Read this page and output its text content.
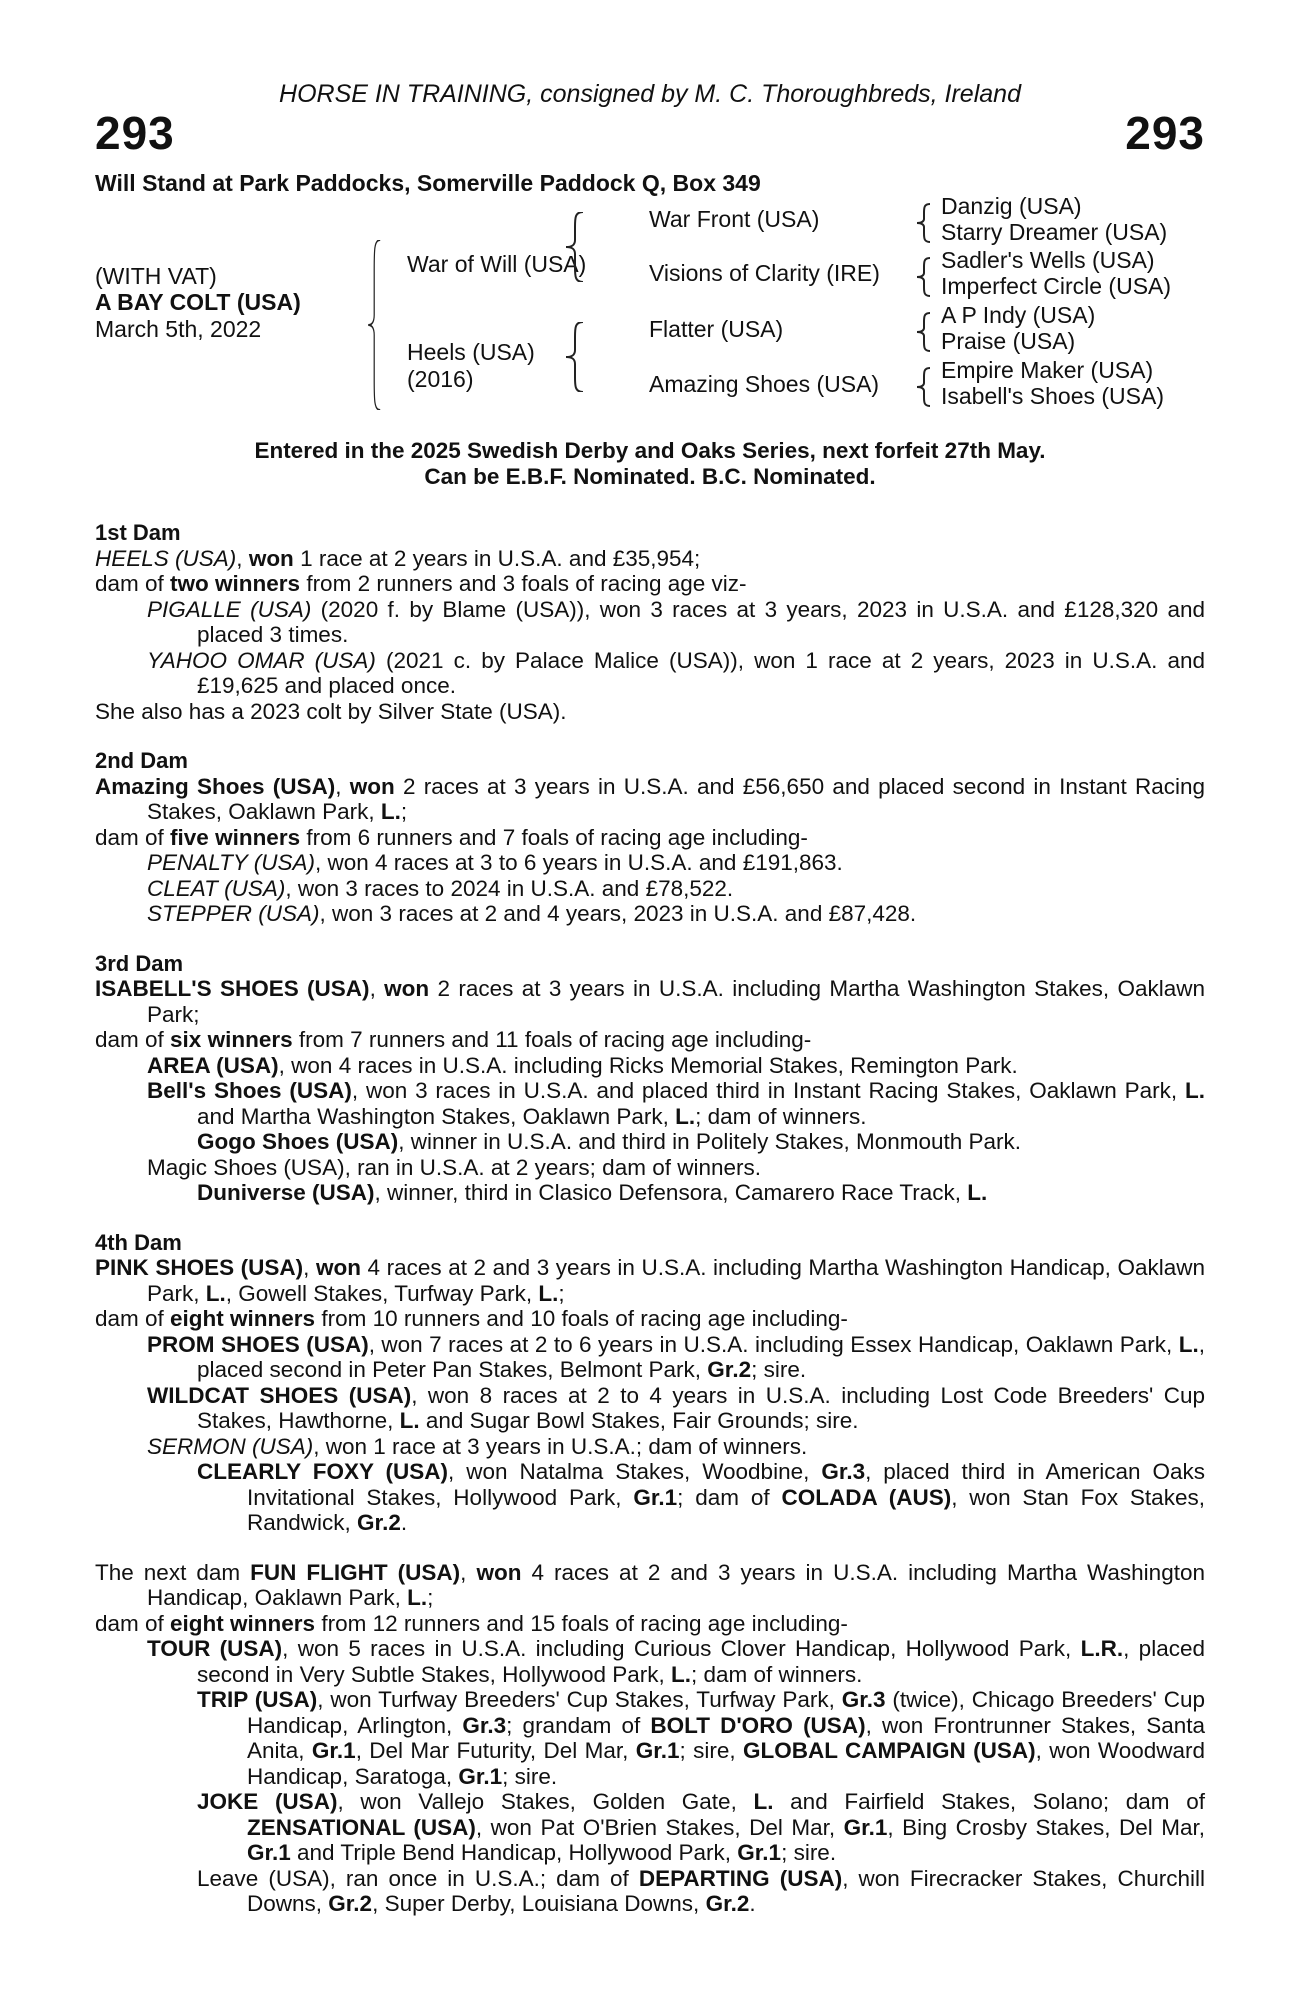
HORSE IN TRAINING, consigned by M. C. Thoroughbreds, Ireland
293	293
Will Stand at Park Paddocks, Somerville Paddock Q, Box 349
(WITH VAT)
A BAY COLT (USA)
March 5th, 2022
War of Will (USA)
Heels (USA)
(2016)
War Front (USA)
Visions of Clarity (IRE)
Flatter (USA)
Amazing Shoes (USA)
Danzig (USA)
Starry Dreamer (USA)
Sadler's Wells (USA)
Imperfect Circle (USA)
A P Indy (USA)
Praise (USA)
Empire Maker (USA)
Isabell's Shoes (USA)
Entered in the 2025 Swedish Derby and Oaks Series, next forfeit 27th May.
Can be E.B.F. Nominated. B.C. Nominated.
1st Dam

HEELS (USA), won 1 race at 2 years in U.S.A. and £35,954;

dam of two winners from 2 runners and 3 foals of racing age viz-

PIGALLE (USA) (2020 f. by Blame (USA)), won 3 races at 3 years, 2023 in U.S.A. and £128,320 and placed 3 times.

YAHOO OMAR (USA) (2021 c. by Palace Malice (USA)), won 1 race at 2 years, 2023 in U.S.A. and £19,625 and placed once.

She also has a 2023 colt by Silver State (USA).

2nd Dam

Amazing Shoes (USA), won 2 races at 3 years in U.S.A. and £56,650 and placed second in Instant Racing Stakes, Oaklawn Park, L.;

dam of five winners from 6 runners and 7 foals of racing age including-

PENALTY (USA), won 4 races at 3 to 6 years in U.S.A. and £191,863.

CLEAT (USA), won 3 races to 2024 in U.S.A. and £78,522.

STEPPER (USA), won 3 races at 2 and 4 years, 2023 in U.S.A. and £87,428.

3rd Dam

ISABELL'S SHOES (USA), won 2 races at 3 years in U.S.A. including Martha Washington Stakes, Oaklawn Park;

dam of six winners from 7 runners and 11 foals of racing age including-

AREA (USA), won 4 races in U.S.A. including Ricks Memorial Stakes, Remington Park.

Bell's Shoes (USA), won 3 races in U.S.A. and placed third in Instant Racing Stakes, Oaklawn Park, L. and Martha Washington Stakes, Oaklawn Park, L.; dam of winners.

Gogo Shoes (USA), winner in U.S.A. and third in Politely Stakes, Monmouth Park.

Magic Shoes (USA), ran in U.S.A. at 2 years; dam of winners.

Duniverse (USA), winner, third in Clasico Defensora, Camarero Race Track, L.

4th Dam

PINK SHOES (USA), won 4 races at 2 and 3 years in U.S.A. including Martha Washington Handicap, Oaklawn Park, L., Gowell Stakes, Turfway Park, L.;

dam of eight winners from 10 runners and 10 foals of racing age including-

PROM SHOES (USA), won 7 races at 2 to 6 years in U.S.A. including Essex Handicap, Oaklawn Park, L., placed second in Peter Pan Stakes, Belmont Park, Gr.2; sire.

WILDCAT SHOES (USA), won 8 races at 2 to 4 years in U.S.A. including Lost Code Breeders' Cup Stakes, Hawthorne, L. and Sugar Bowl Stakes, Fair Grounds; sire.

SERMON (USA), won 1 race at 3 years in U.S.A.; dam of winners.

CLEARLY FOXY (USA), won Natalma Stakes, Woodbine, Gr.3, placed third in American Oaks Invitational Stakes, Hollywood Park, Gr.1; dam of COLADA (AUS), won Stan Fox Stakes, Randwick, Gr.2.

The next dam FUN FLIGHT (USA), won 4 races at 2 and 3 years in U.S.A. including Martha Washington Handicap, Oaklawn Park, L.;

dam of eight winners from 12 runners and 15 foals of racing age including-

TOUR (USA), won 5 races in U.S.A. including Curious Clover Handicap, Hollywood Park, L.R., placed second in Very Subtle Stakes, Hollywood Park, L.; dam of winners.

TRIP (USA), won Turfway Breeders' Cup Stakes, Turfway Park, Gr.3 (twice), Chicago Breeders' Cup Handicap, Arlington, Gr.3; grandam of BOLT D'ORO (USA), won Frontrunner Stakes, Santa Anita, Gr.1, Del Mar Futurity, Del Mar, Gr.1; sire, GLOBAL CAMPAIGN (USA), won Woodward Handicap, Saratoga, Gr.1; sire.

JOKE (USA), won Vallejo Stakes, Golden Gate, L. and Fairfield Stakes, Solano; dam of ZENSATIONAL (USA), won Pat O'Brien Stakes, Del Mar, Gr.1, Bing Crosby Stakes, Del Mar, Gr.1 and Triple Bend Handicap, Hollywood Park, Gr.1; sire.

Leave (USA), ran once in U.S.A.; dam of DEPARTING (USA), won Firecracker Stakes, Churchill Downs, Gr.2, Super Derby, Louisiana Downs, Gr.2.
